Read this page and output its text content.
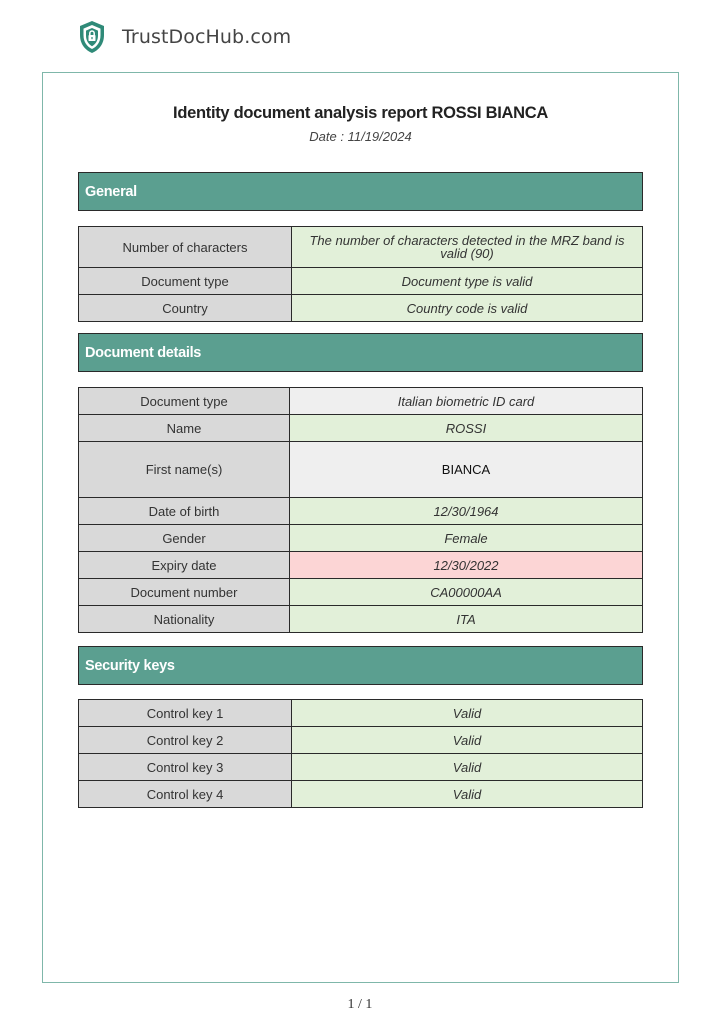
TrustDocHub.com
Identity document analysis report ROSSI BIANCA
Date : 11/19/2024
General
Number of characters	The number of characters detected in the MRZ band is valid (90)
Document type	Document type is valid
Country	Country code is valid
Document details
Document type	Italian biometric ID card
Name	ROSSI
First name(s)	BIANCA
Date of birth	12/30/1964
Gender	Female
Expiry date	12/30/2022
Document number	CA00000AA
Nationality	ITA
Security keys
Control key 1	Valid
Control key 2	Valid
Control key 3	Valid
Control key 4	Valid
1 / 1
